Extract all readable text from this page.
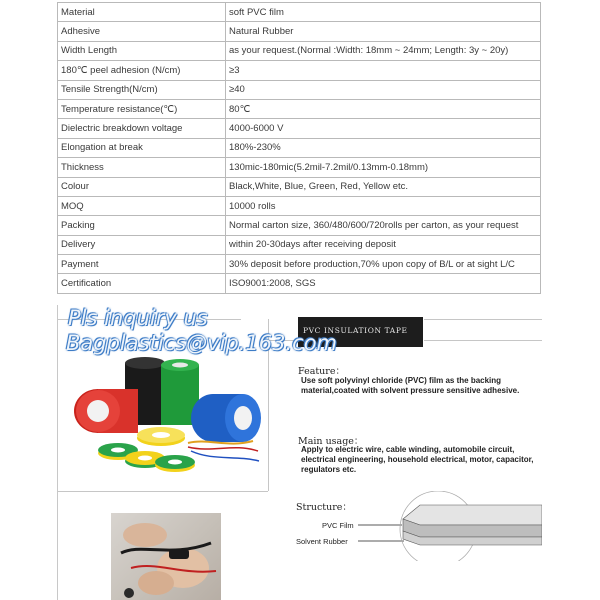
Material	soft PVC film
Adhesive	Natural Rubber
Width Length	as your request.(Normal :Width: 18mm ~ 24mm; Length: 3y ~ 20y)
180℃ peel adhesion (N/cm)	≥3
Tensile Strength(N/cm)	≥40
Temperature resistance(℃)	80℃
Dielectric breakdown voltage	4000-6000 V
Elongation at break	180%-230%
Thickness	130mic-180mic(5.2mil-7.2mil/0.13mm-0.18mm)
Colour	Black,White, Blue, Green, Red, Yellow etc.
MOQ	10000 rolls
Packing	Normal carton size, 360/480/600/720rolls per carton, as your request
Delivery	within 20-30days after receiving deposit
Payment	30% deposit before production,70% upon copy of B/L or at sight L/C
Certification	ISO9001:2008, SGS
PVC INSULATION TAPE
Feature：
Use soft polyvinyl chloride (PVC) film as the backing material,coated with solvent pressure sensitive adhesive.
Main usage：
Apply to electric wire, cable winding, automobile circuit, electrical engineering, household electrical, motor, capacitor, regulators etc.
Structure：
PVC Film
Solvent Rubber
Pls inquiry us
Bagplastics@vip.163.com
